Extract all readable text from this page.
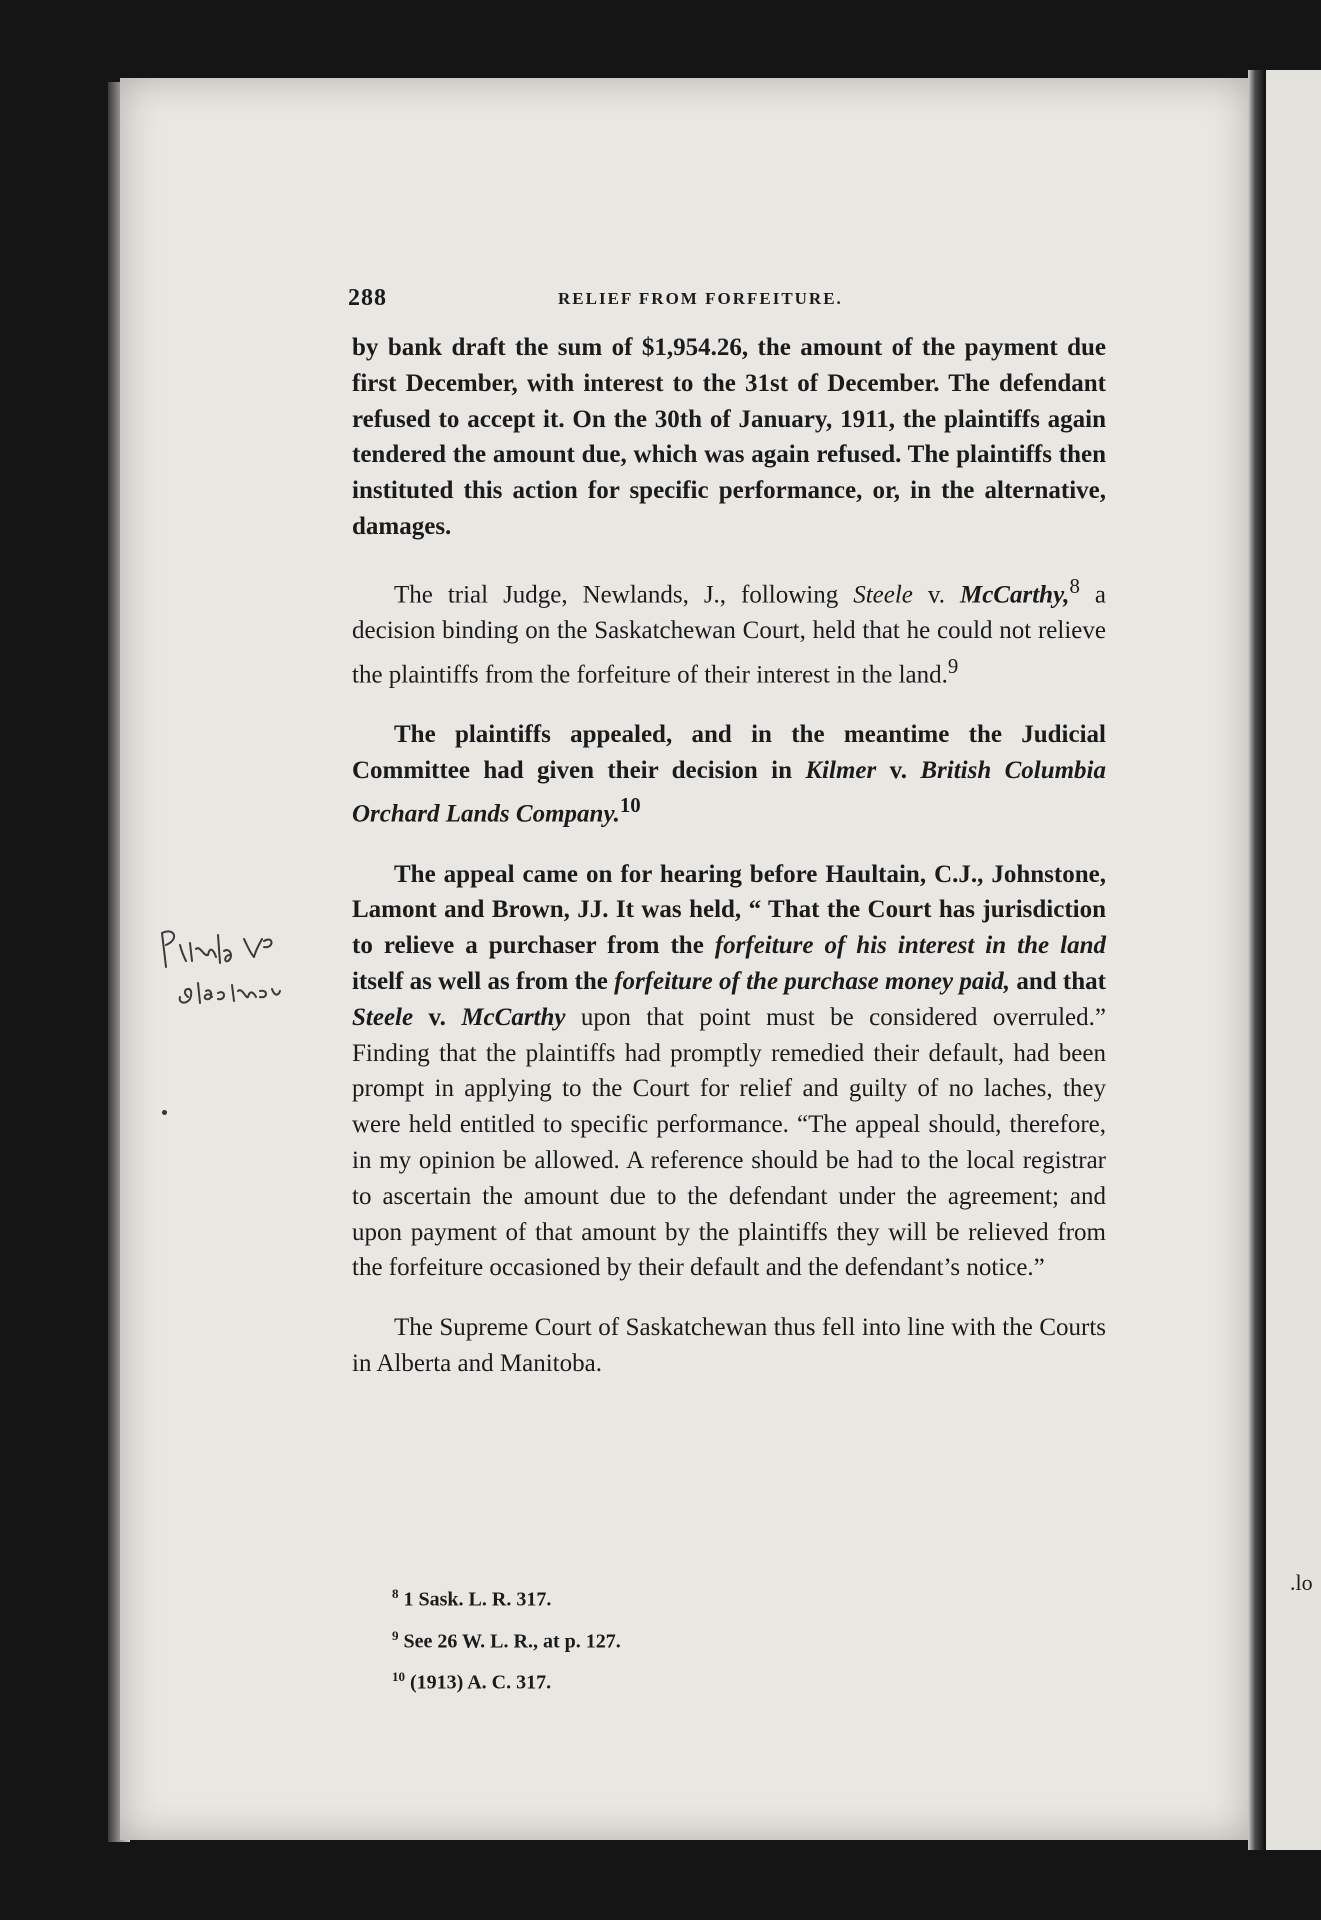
.lo
288	RELIEF FROM FORFEITURE.

by bank draft the sum of $1,954.26, the amount of the payment due first December, with interest to the 31st of December. The defendant refused to accept it. On the 30th of January, 1911, the plaintiffs again tendered the amount due, which was again refused. The plaintiffs then instituted this action for specific performance, or, in the alternative, damages.

The trial Judge, Newlands, J., following Steele v. McCarthy,$^8$ a decision binding on the Saskatchewan Court, held that he could not relieve the plaintiffs from the forfeiture of their interest in the land.$^9$

The plaintiffs appealed, and in the meantime the Judicial Committee had given their decision in Kilmer v. British Columbia Orchard Lands Company.$^{10}$

The appeal came on for hearing before Haultain, C.J., Johnstone, Lamont and Brown, JJ. It was held, “ That the Court has jurisdiction to relieve a purchaser from the forfeiture of his interest in the land itself as well as from the forfeiture of the purchase money paid, and that Steele v. McCarthy upon that point must be considered overruled.” Finding that the plaintiffs had promptly remedied their default, had been prompt in applying to the Court for relief and guilty of no laches, they were held entitled to specific performance. “The appeal should, therefore, in my opinion be allowed. A reference should be had to the local registrar to ascertain the amount due to the defendant under the agreement; and upon payment of that amount by the plaintiffs they will be relieved from the forfeiture occasioned by their default and the defendant’s notice.”

The Supreme Court of Saskatchewan thus fell into line with the Courts in Alberta and Manitoba.

$^8$ 1 Sask. L. R. 317.

$^9$ See 26 W. L. R., at p. 127.

$^{10}$ (1913) A. C. 317.
